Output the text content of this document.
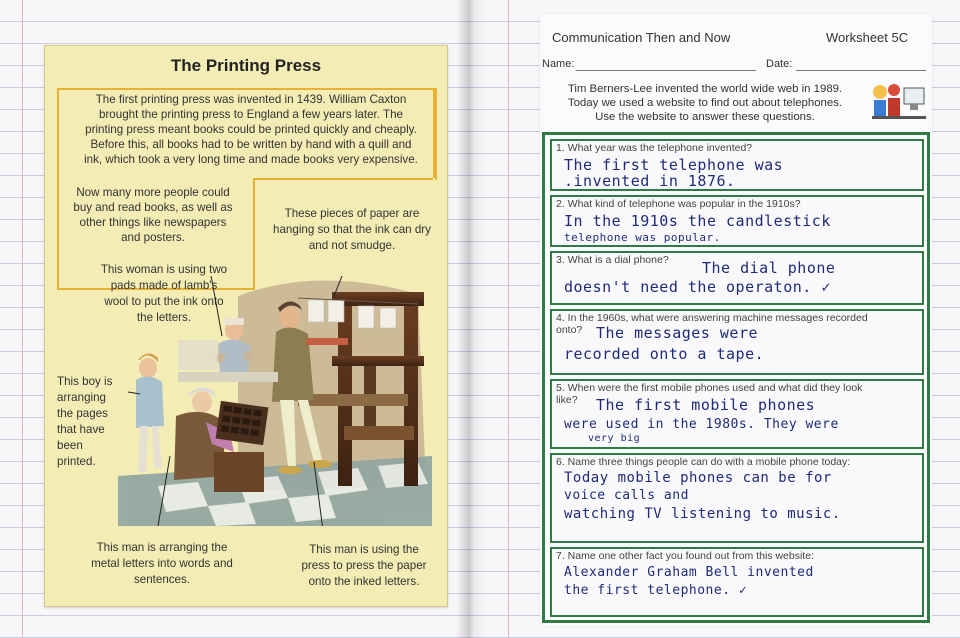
The Printing Press
The first printing press was invented in 1439. William Caxton
brought the printing press to England a few years later. The
printing press meant books could be printed quickly and cheaply.
Before this, all books had to be written by hand with a quill and
ink, which took a very long time and made books very expensive.
Now many more people could
buy and read books, as well as
other things like newspapers
and posters.
These pieces of paper are
hanging so that the ink can dry
and not smudge.
This woman is using two
pads made of lamb's
wool to put the ink onto
the letters.
This boy is
arranging
the pages
that have
been
printed.
This man is arranging the
metal letters into words and
sentences.
This man is using the
press to press the paper
onto the inked letters.
Communication Then and Now	Worksheet 5C
Name:	Date:
Tim Berners-Lee invented the world wide web in 1989.
Today we used a website to find out about telephones.
Use the website to answer these questions.
1. What year was the telephone invented?
The first telephone was
.invented in 1876.
2. What kind of telephone was popular in the 1910s?
In the 1910s the candlestick
telephone was popular.
3. What is a dial phone? The dial phone
doesn't need the operaton. ✓
4. In the 1960s, what were answering machine messages recorded
onto? The messages were
recorded onto a tape.
5. When were the first mobile phones used and what did they look
like? The first mobile phones
very big
were used in the 1980s. They were
6. Name three things people can do with a mobile phone today:
Today mobile phones can be for
voice calls and
watching TV listening to music.
7. Name one other fact you found out from this website:
Alexander Graham Bell invented
the first telephone. ✓
